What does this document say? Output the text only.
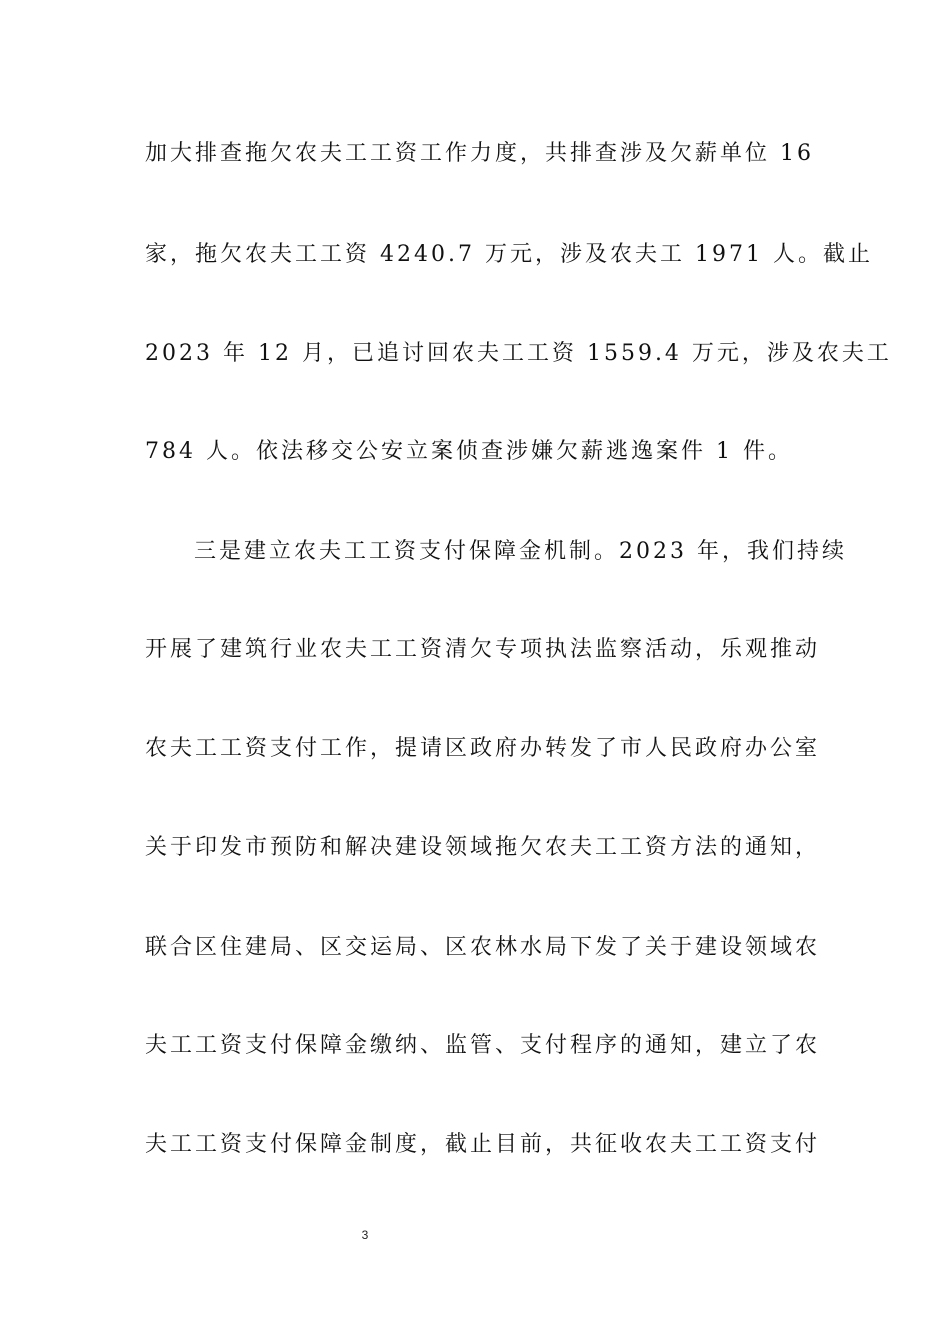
加大排查拖欠农夫工工资工作力度，共排查涉及欠薪单位 16
家，拖欠农夫工工资 4240.7 万元，涉及农夫工 1971 人。截止
2023 年 12 月，已追讨回农夫工工资 1559.4 万元，涉及农夫工
784 人。依法移交公安立案侦查涉嫌欠薪逃逸案件 1 件。
三是建立农夫工工资支付保障金机制。2023 年，我们持续
开展了建筑行业农夫工工资清欠专项执法监察活动，乐观推动
农夫工工资支付工作，提请区政府办转发了市人民政府办公室
关于印发市预防和解决建设领域拖欠农夫工工资方法的通知，
联合区住建局、区交运局、区农林水局下发了关于建设领域农
夫工工资支付保障金缴纳、监管、支付程序的通知，建立了农
夫工工资支付保障金制度，截止目前，共征收农夫工工资支付
3
